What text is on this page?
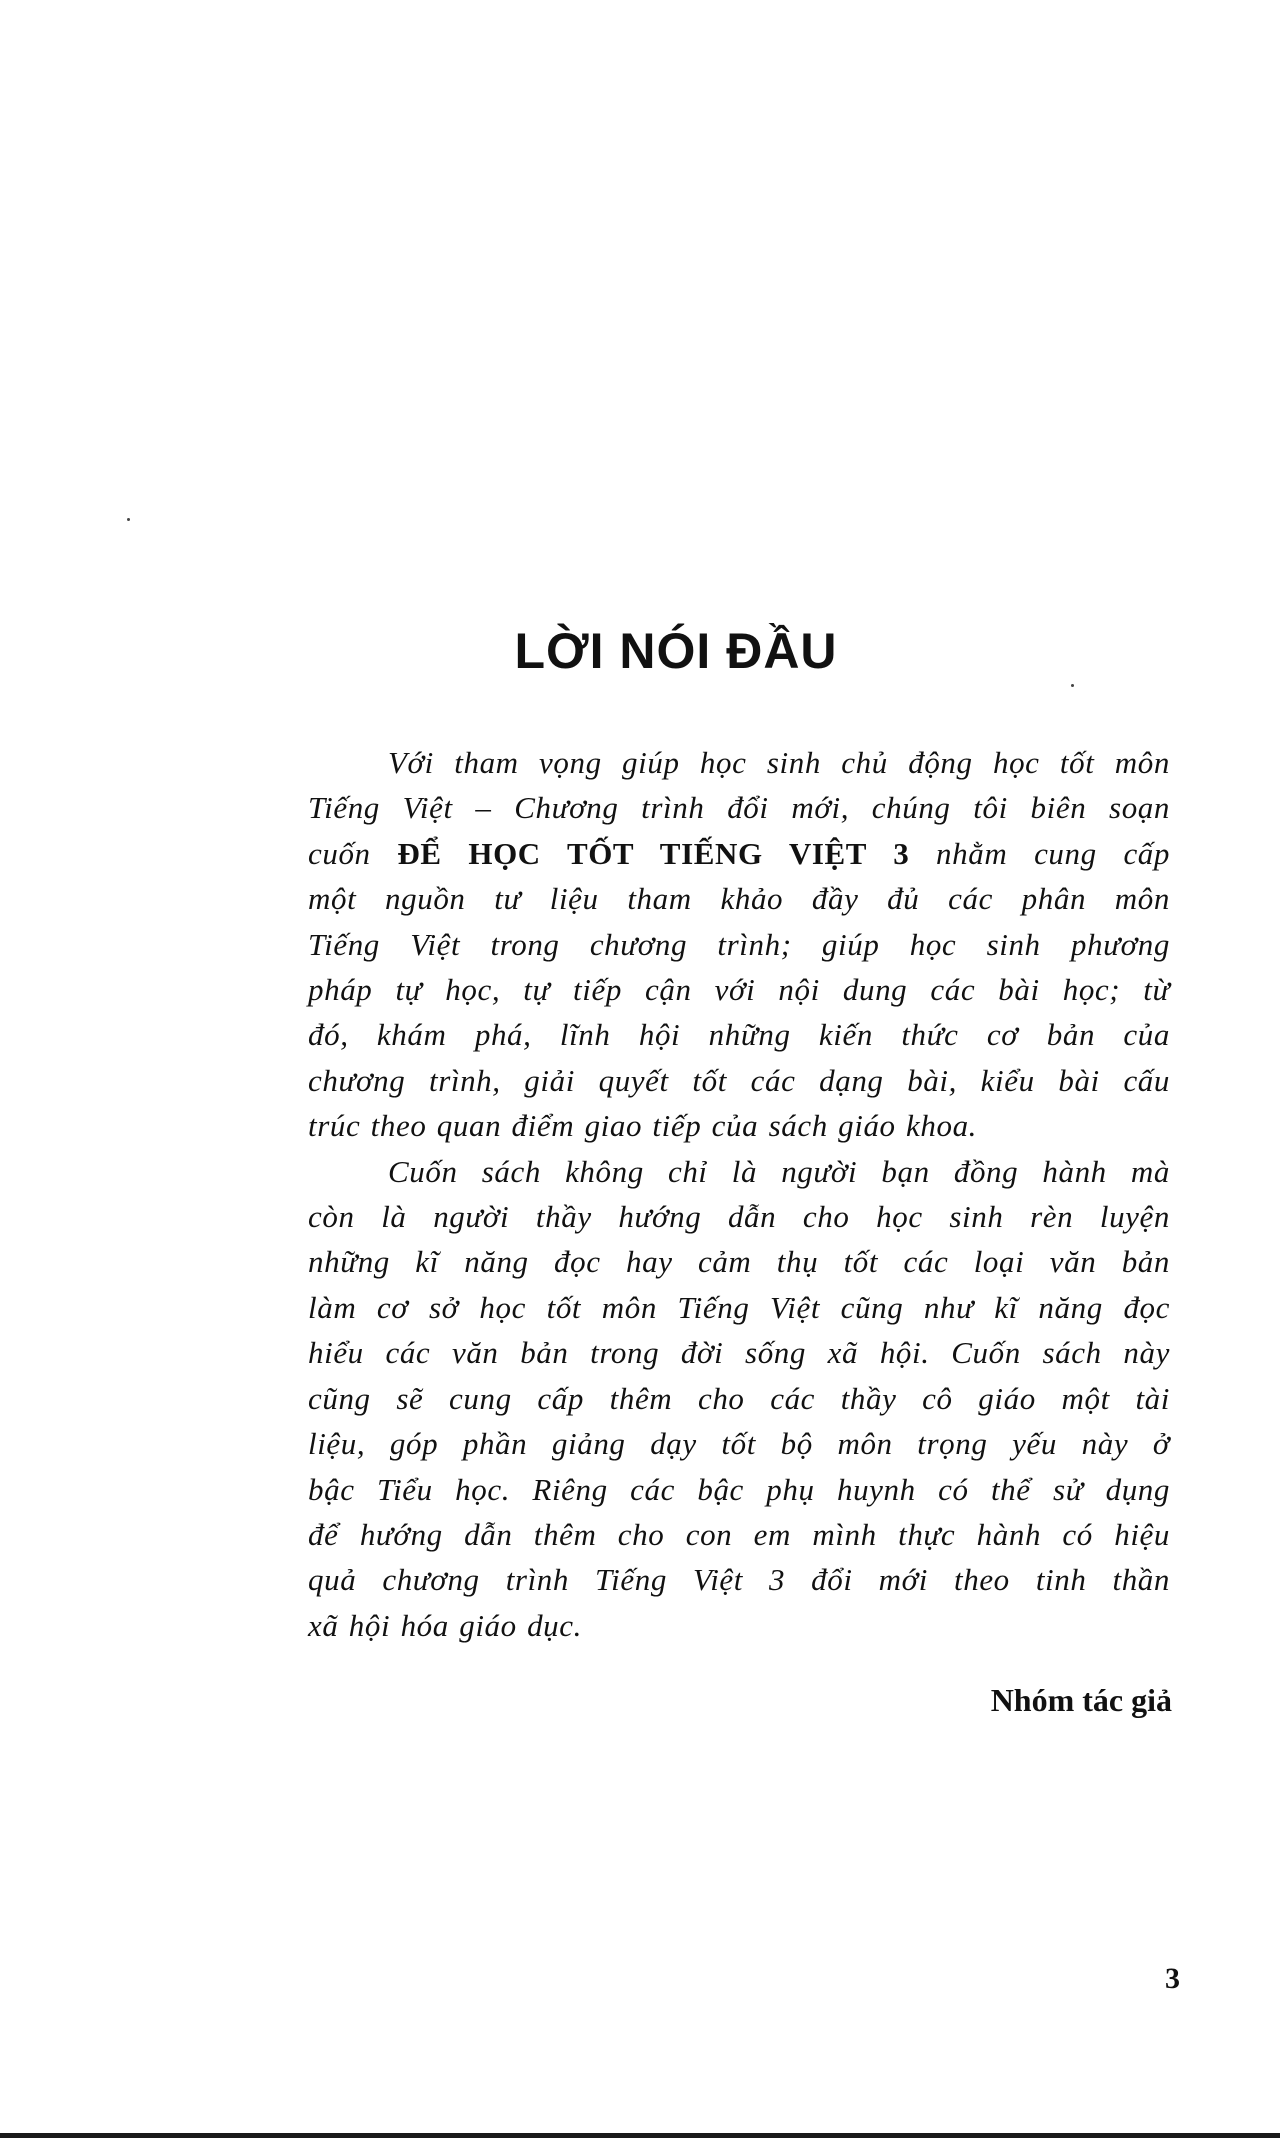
LỜI NÓI ĐẦU
Với tham vọng giúp học sinh chủ động học tốt môn
Tiếng Việt – Chương trình đổi mới, chúng tôi biên soạn
cuốn ĐỂ HỌC TỐT TIẾNG VIỆT 3 nhằm cung cấp
một nguồn tư liệu tham khảo đầy đủ các phân môn
Tiếng Việt trong chương trình; giúp học sinh phương
pháp tự học, tự tiếp cận với nội dung các bài học; từ
đó, khám phá, lĩnh hội những kiến thức cơ bản của
chương trình, giải quyết tốt các dạng bài, kiểu bài cấu
trúc theo quan điểm giao tiếp của sách giáo khoa.
Cuốn sách không chỉ là người bạn đồng hành mà
còn là người thầy hướng dẫn cho học sinh rèn luyện
những kĩ năng đọc hay cảm thụ tốt các loại văn bản
làm cơ sở học tốt môn Tiếng Việt cũng như kĩ năng đọc
hiểu các văn bản trong đời sống xã hội. Cuốn sách này
cũng sẽ cung cấp thêm cho các thầy cô giáo một tài
liệu, góp phần giảng dạy tốt bộ môn trọng yếu này ở
bậc Tiểu học. Riêng các bậc phụ huynh có thể sử dụng
để hướng dẫn thêm cho con em mình thực hành có hiệu
quả chương trình Tiếng Việt 3 đổi mới theo tinh thần
xã hội hóa giáo dục.
Nhóm tác giả
3
